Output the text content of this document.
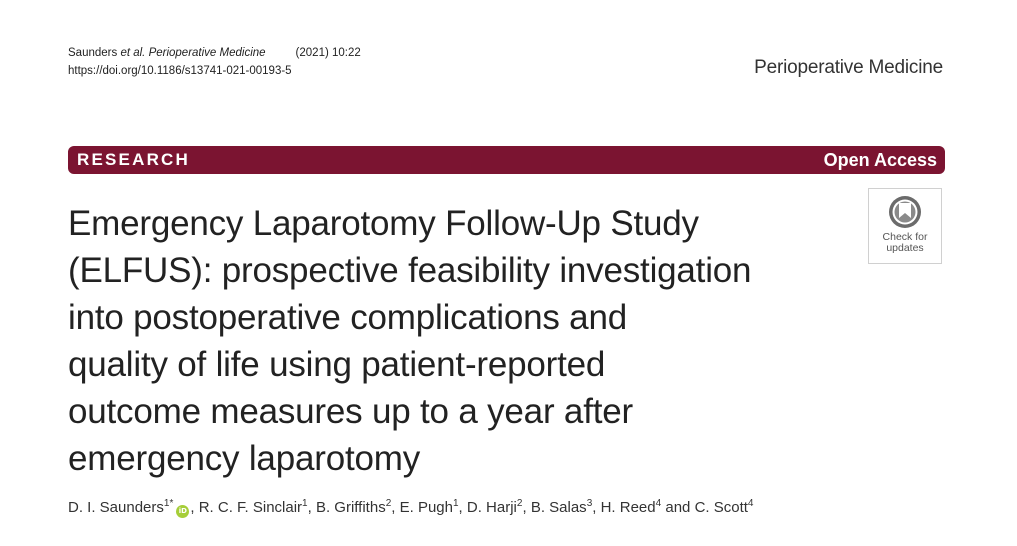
Saunders et al. Perioperative Medicine	(2021) 10:22
https://doi.org/10.1186/s13741-021-00193-5	Perioperative Medicine
RESEARCH	Open Access
Emergency Laparotomy Follow-Up Study
(ELFUS): prospective feasibility investigation
into postoperative complications and
quality of life using patient-reported
outcome measures up to a year after
emergency laparotomy
Check for
updates
D. I. Saunders$^{1*}$iD , R. C. F. Sinclair$^1$, B. Griffiths$^2$, E. Pugh$^1$, D. Harji$^2$, B. Salas$^3$, H. Reed$^4$ and C. Scott$^4$
